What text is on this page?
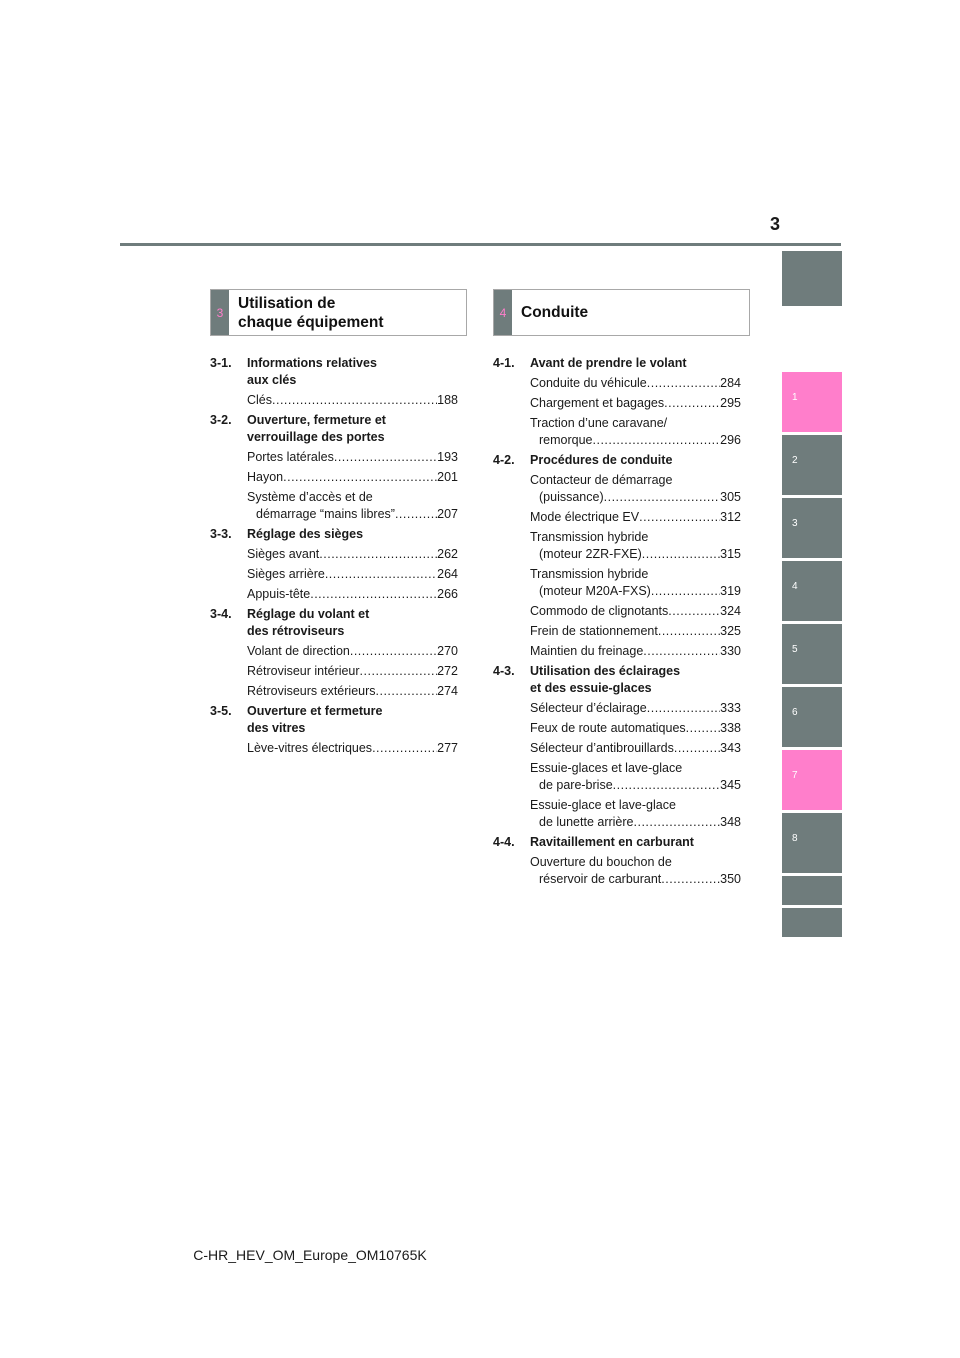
3
1
2
3
4
5
6
7
8
3
Utilisation de
chaque équipement
4 Conduite
3-1.	Informations relatives
aux clés
Clés .....	188
3-2.	Ouverture, fermeture et
verrouillage des portes
Portes latérales .....	193
Hayon .....	201
Système d’accès et de
démarrage “mains libres” .....	207
3-3.	Réglage des sièges
Sièges avant .....	262
Sièges arrière .....	264
Appuis-tête .....	266
3-4.	Réglage du volant et
des rétroviseurs
Volant de direction .....	270
Rétroviseur intérieur .....	272
Rétroviseurs extérieurs .....	274
3-5.	Ouverture et fermeture
des vitres
Lève-vitres électriques .....	277
4-1.	Avant de prendre le volant
Conduite du véhicule .....	284
Chargement et bagages .....	295
Traction d’une caravane/
remorque .....	296
4-2.	Procédures de conduite
Contacteur de démarrage
(puissance) .....	305
Mode électrique EV .....	312
Transmission hybride
(moteur 2ZR-FXE) .....	315
Transmission hybride
(moteur M20A-FXS) .....	319
Commodo de clignotants .....	324
Frein de stationnement .....	325
Maintien du freinage .....	330
4-3.	Utilisation des éclairages
et des essuie-glaces
Sélecteur d’éclairage .....	333
Feux de route automatiques .....	338
Sélecteur d’antibrouillards .....	343
Essuie-glaces et lave-glace
de pare-brise .....	345
Essuie-glace et lave-glace
de lunette arrière .....	348
4-4.	Ravitaillement en carburant
Ouverture du bouchon de
réservoir de carburant .....	350
C-HR_HEV_OM_Europe_OM10765K
